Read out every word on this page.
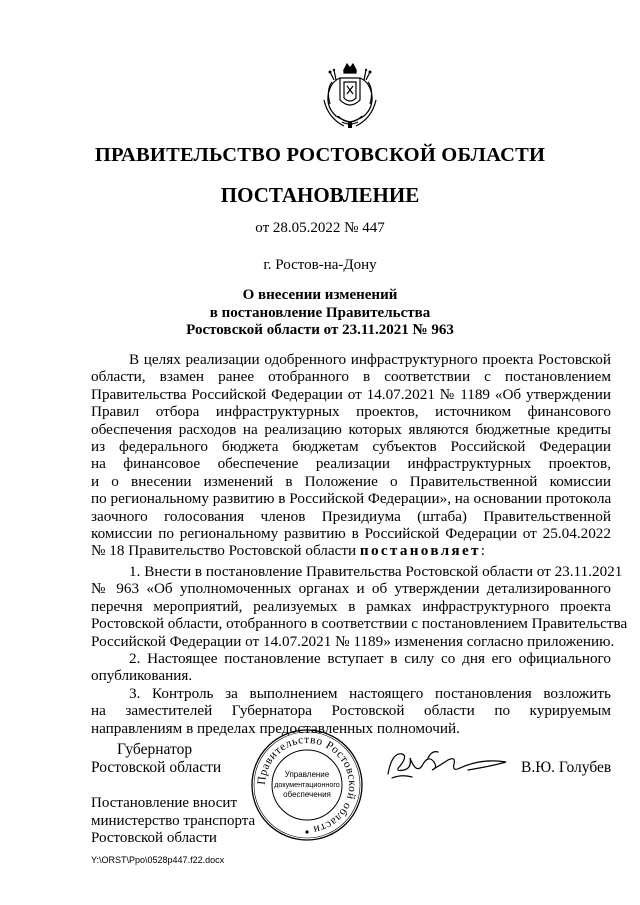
ПРАВИТЕЛЬСТВО РОСТОВСКОЙ ОБЛАСТИ
ПОСТАНОВЛЕНИЕ
от 28.05.2022 № 447
г. Ростов-на-Дону
О внесении изменений
в постановление Правительства
Ростовской области от 23.11.2021 № 963
В целях реализации одобренного инфраструктурного проекта Ростовской
области, взамен ранее отобранного в соответствии с постановлением
Правительства Российской Федерации от 14.07.2021 № 1189 «Об утверждении
Правил отбора инфраструктурных проектов, источником финансового
обеспечения расходов на реализацию которых являются бюджетные кредиты
из федерального бюджета бюджетам субъектов Российской Федерации
на финансовое обеспечение реализации инфраструктурных проектов,
и о внесении изменений в Положение о Правительственной комиссии
по региональному развитию в Российской Федерации», на основании протокола
заочного голосования членов Президиума (штаба) Правительственной
комиссии по региональному развитию в Российской Федерации от 25.04.2022
№ 18 Правительство Ростовской области постановляет:
1. Внести в постановление Правительства Ростовской области от 23.11.2021
№ 963 «Об уполномоченных органах и об утверждении детализированного
перечня мероприятий, реализуемых в рамках инфраструктурного проекта
Ростовской области, отобранного в соответствии с постановлением Правительства
Российской Федерации от 14.07.2021 № 1189» изменения согласно приложению.
2. Настоящее постановление вступает в силу со дня его официального
опубликования.
3. Контроль за выполнением настоящего постановления возложить
на заместителей Губернатора Ростовской области по курируемым
направлениям в пределах предоставленных полномочий.
Губернатор
Ростовской области
Правительство Ростовской области
Управление
документационного
обеспечения
В.Ю. Голубев
Постановление вносит
министерство транспорта
Ростовской области
Y:\ORST\Ppo\0528p447.f22.docx
